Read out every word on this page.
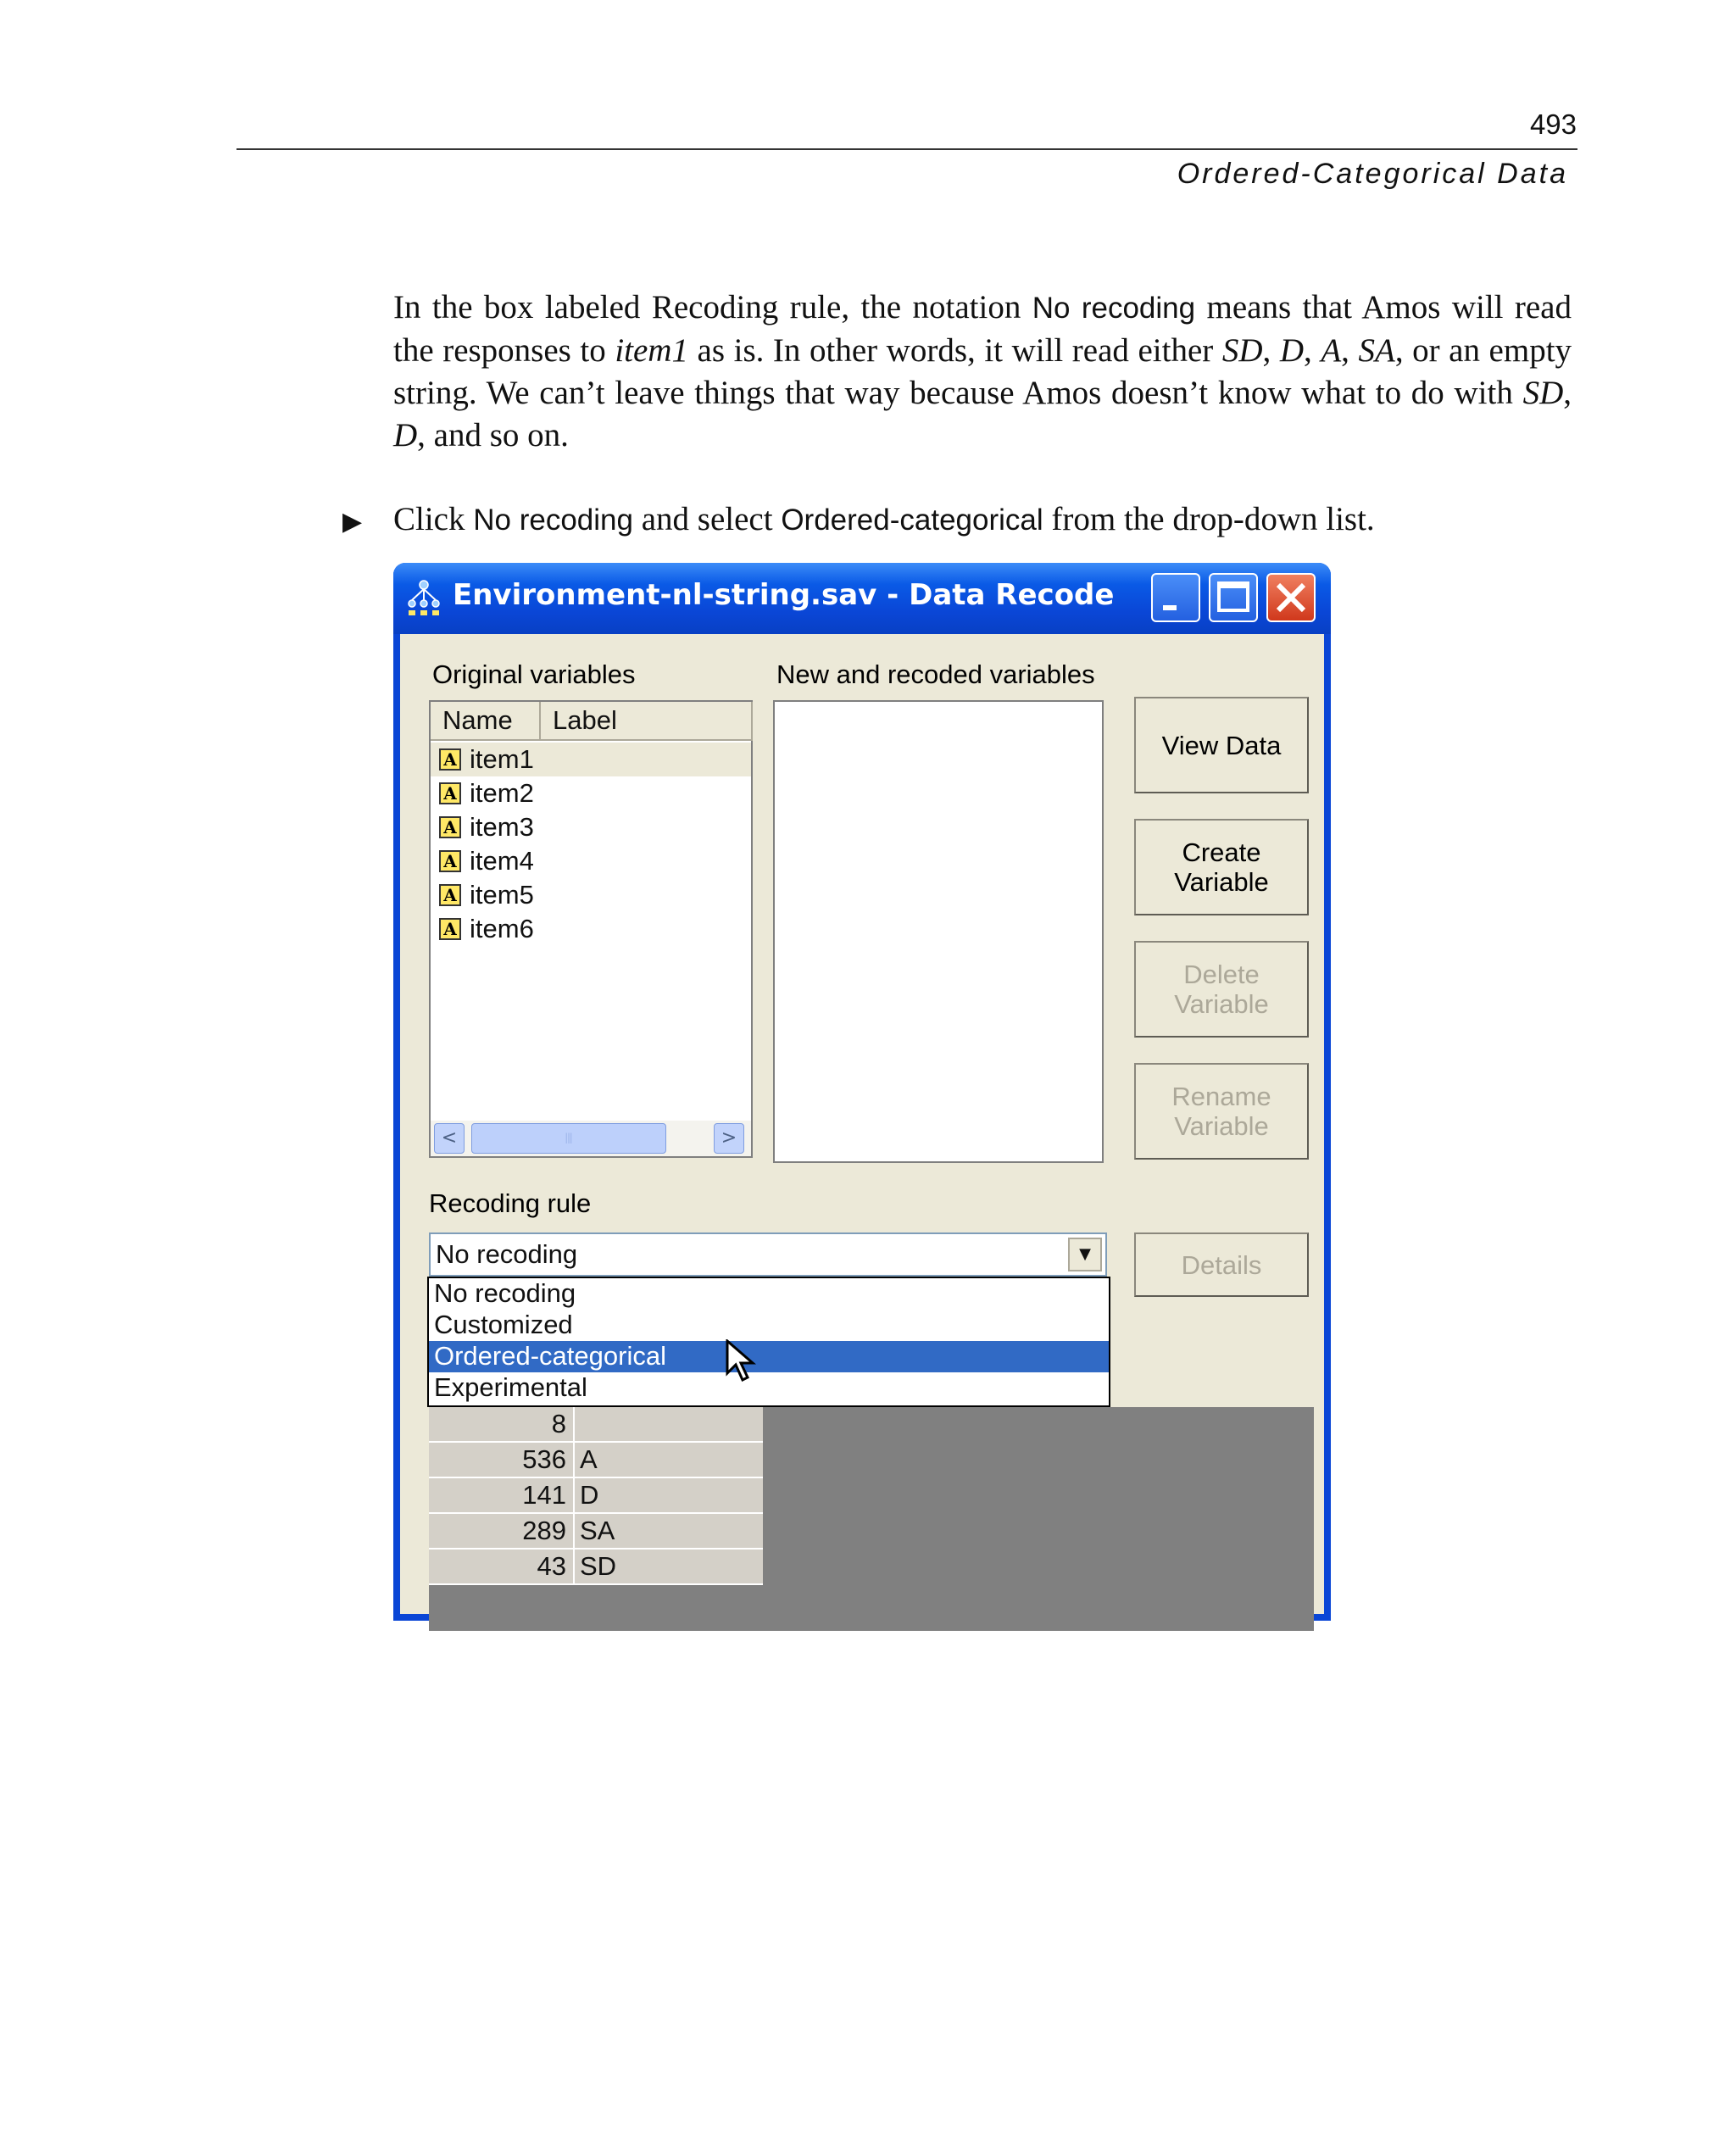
493
Ordered-Categorical Data
In the box labeled Recoding rule, the notation No recoding means that Amos will read the responses to item1 as is. In other words, it will read either SD, D, A, SA, or an empty string. We can’t leave things that way because Amos doesn’t know what to do with SD, D, and so on.
▶ Click No recoding and select Ordered-categorical from the drop-down list.
Environment-nl-string.sav - Data Recode
Original variables	New and recoded variables
Name	Label
A item1
A item2
A item3
A item4
A item5
A item6
<	|||	>
View Data
Create Variable
Delete Variable
Rename Variable
Recoding rule
No recoding	▼	Details
8
536 A
141 D
289 SA
43 SD
No recoding
Customized
Ordered-categorical
Experimental
